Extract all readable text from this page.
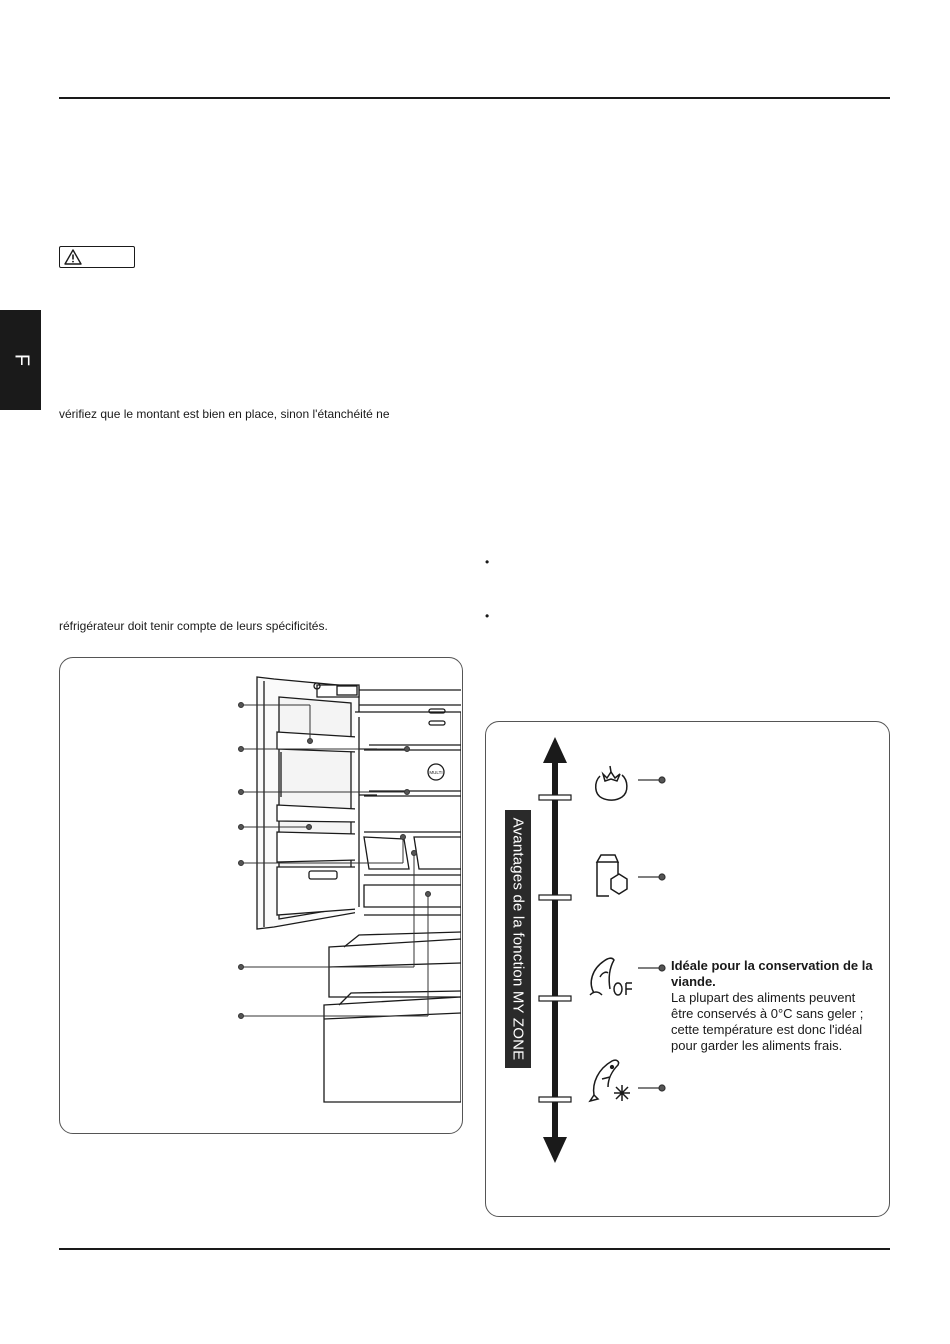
F
vérifiez que le montant est bien en place, sinon l'étanchéité ne
réfrigérateur doit tenir compte de leurs spécificités.
•
•
MULTI
Avantages de la fonction MY ZONE	Idéale pour la conservation de la viande.
La plupart des aliments peuvent être conservés à 0°C sans geler ; cette température est donc l'idéal pour garder les aliments frais.
